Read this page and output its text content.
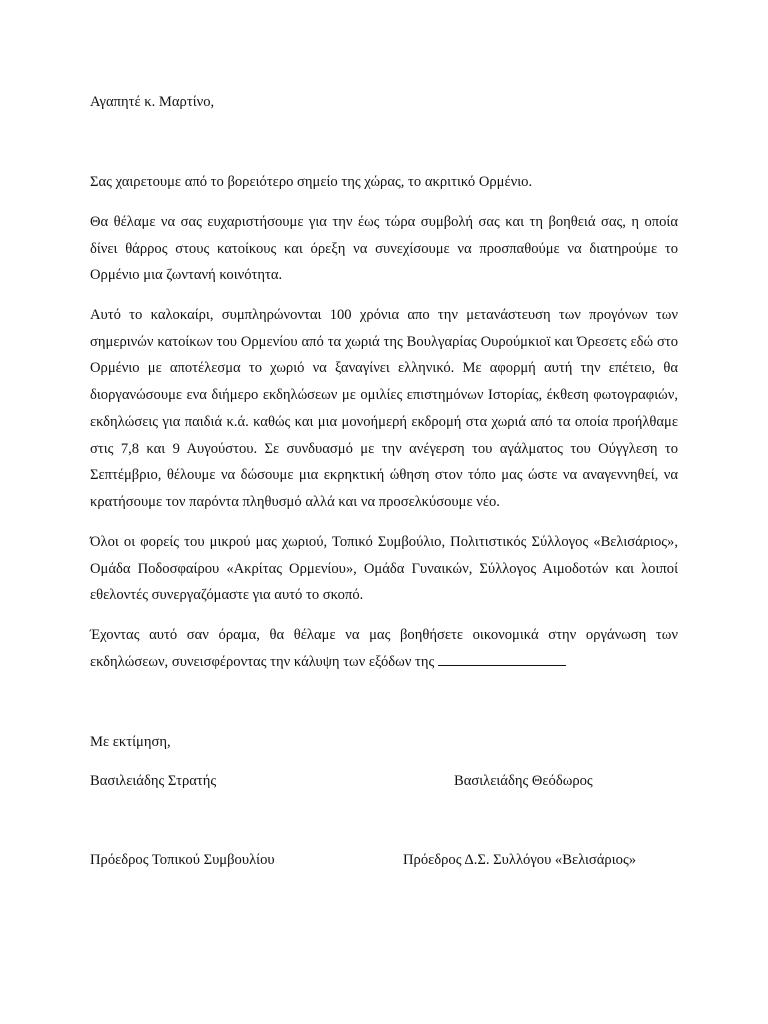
Αγαπητέ κ. Μαρτίνο,
Σας χαιρετουμε από το βορειότερο σημείο της χώρας, το ακριτικό Ορμένιο.
Θα θέλαμε να σας ευχαριστήσουμε για την έως τώρα συμβολή σας και τη βοηθειά σας, η οποία δίνει θάρρος στους κατοίκους και όρεξη να συνεχίσουμε να προσπαθούμε να διατηρούμε το Ορμένιο μια ζωντανή κοινότητα.
Αυτό το καλοκαίρι, συμπληρώνονται 100 χρόνια απο την μετανάστευση των προγόνων των σημερινών κατοίκων του Ορμενίου από τα χωριά της Βουλγαρίας Ουρούμκιοϊ και Όρεσετς εδώ στο Ορμένιο με αποτέλεσμα το χωριό να ξαναγίνει ελληνικό. Με αφορμή αυτή την επέτειο, θα διοργανώσουμε ενα διήμερο εκδηλώσεων με ομιλίες επιστημόνων Ιστορίας, έκθεση φωτογραφιών, εκδηλώσεις για παιδιά κ.ά. καθώς και μια μονοήμερή εκδρομή στα χωριά από τα οποία προήλθαμε στις 7,8 και 9 Αυγούστου. Σε συνδυασμό με την ανέγερση του αγάλματος του Ούγγλεση το Σεπτέμβριο, θέλουμε να δώσουμε μια εκρηκτική ώθηση στον τόπο μας ώστε να αναγεννηθεί, να κρατήσουμε τον παρόντα πληθυσμό αλλά και να προσελκύσουμε νέο.
Όλοι οι φορείς του μικρού μας χωριού, Τοπικό Συμβούλιο, Πολιτιστικός Σύλλογος «Βελισάριος», Ομάδα Ποδοσφαίρου «Ακρίτας Ορμενίου», Ομάδα Γυναικών, Σύλλογος Αιμοδοτών και λοιποί εθελοντές συνεργαζόμαστε για αυτό το σκοπό.
Έχοντας αυτό σαν όραμα, θα θέλαμε να μας βοηθήσετε οικονομικά στην οργάνωση των εκδηλώσεων, συνεισφέροντας την κάλυψη των εξόδων της
Με εκτίμηση,
Βασιλειάδης Στρατής	Βασιλειάδης Θεόδωρος
Πρόεδρος Τοπικού Συμβουλίου	Πρόεδρος Δ.Σ. Συλλόγου «Βελισάριος»
